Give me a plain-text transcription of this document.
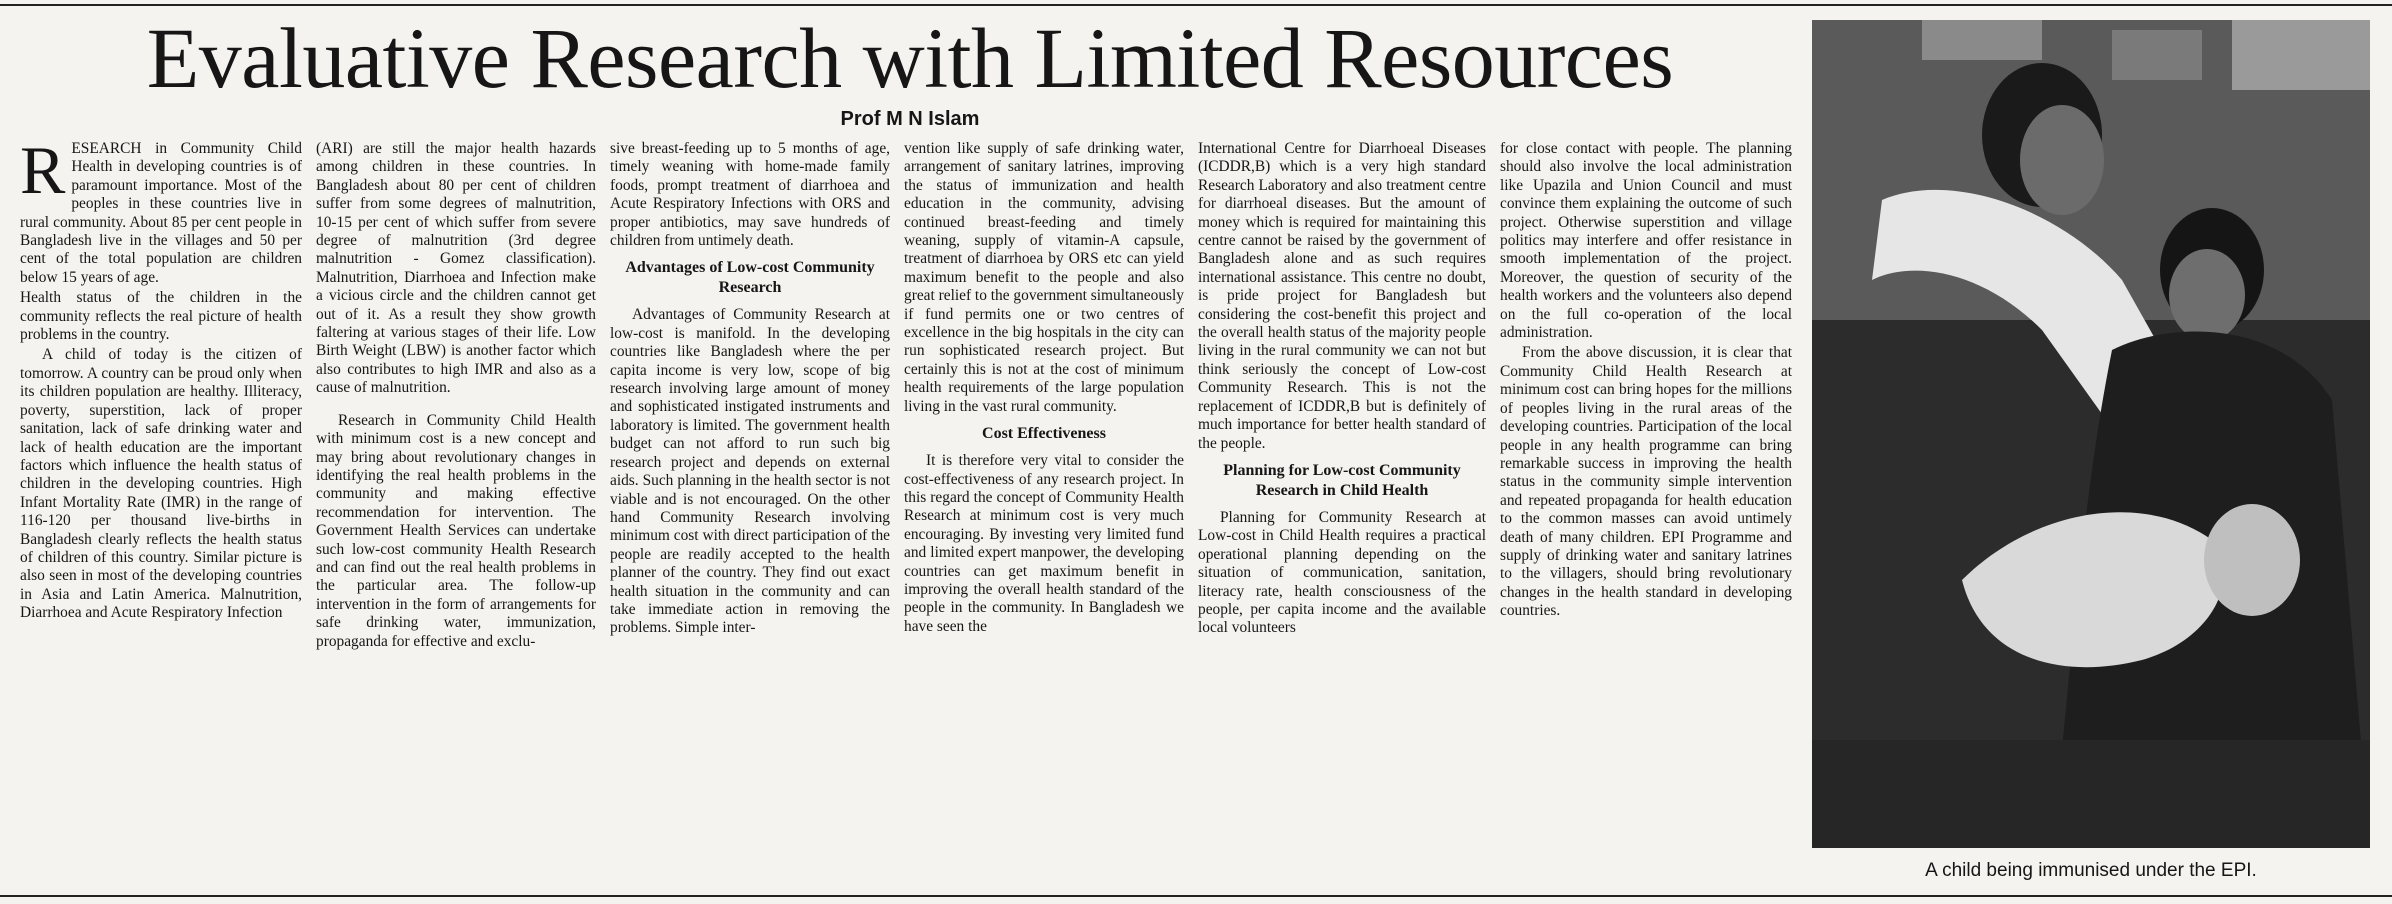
Evaluative Research with Limited Resources
Prof M N Islam

RESEARCH in Community Child Health in developing countries is of paramount importance. Most of the peoples in these countries live in rural community. About 85 per cent people in Bangladesh live in the villages and 50 per cent of the total population are children below 15 years of age.

Health status of the children in the community reflects the real picture of health problems in the country.

A child of today is the citizen of tomorrow. A country can be proud only when its children population are healthy. Illiteracy, poverty, superstition, lack of proper sanitation, lack of safe drinking water and lack of health education are the important factors which influence the health status of children in the developing countries. High Infant Mortality Rate (IMR) in the range of 116-120 per thousand live-births in Bangladesh clearly reflects the health status of children of this country. Similar picture is also seen in most of the developing countries in Asia and Latin America. Malnutrition, Diarrhoea and Acute Respiratory Infection

(ARI) are still the major health hazards among children in these countries. In Bangladesh about 80 per cent of children suffer from some degrees of malnutrition, 10-15 per cent of which suffer from severe degree of malnutrition (3rd degree malnutrition - Gomez classification). Malnutrition, Diarrhoea and Infection make a vicious circle and the children cannot get out of it. As a result they show growth faltering at various stages of their life. Low Birth Weight (LBW) is another factor which also contributes to high IMR and also as a cause of malnutrition.

Research in Community Child Health with minimum cost is a new concept and may bring about revolutionary changes in identifying the real health problems in the community and making effective recommendation for intervention. The Government Health Services can undertake such low-cost community Health Research and can find out the real health problems in the particular area. The follow-up intervention in the form of arrangements for safe drinking water, immunization, propaganda for effective and exclu-

sive breast-feeding up to 5 months of age, timely weaning with home-made family foods, prompt treatment of diarrhoea and Acute Respiratory Infections with ORS and proper antibiotics, may save hundreds of children from untimely death.

Advantages of Low-cost Community Research

Advantages of Community Research at low-cost is manifold. In the developing countries like Bangladesh where the per capita income is very low, scope of big research involving large amount of money and sophisticated instigated instruments and laboratory is limited. The government health budget can not afford to run such big research project and depends on external aids. Such planning in the health sector is not viable and is not encouraged. On the other hand Community Research involving minimum cost with direct participation of the people are readily accepted to the health planner of the country. They find out exact health situation in the community and can take immediate action in removing the problems. Simple inter-

vention like supply of safe drinking water, arrangement of sanitary latrines, improving the status of immunization and health education in the community, advising continued breast-feeding and timely weaning, supply of vitamin-A capsule, treatment of diarrhoea by ORS etc can yield maximum benefit to the people and also great relief to the government simultaneously if fund permits one or two centres of excellence in the big hospitals in the city can run sophisticated research project. But certainly this is not at the cost of minimum health requirements of the large population living in the vast rural community.

Cost Effectiveness

It is therefore very vital to consider the cost-effectiveness of any research project. In this regard the concept of Community Health Research at minimum cost is very much encouraging. By investing very limited fund and limited expert manpower, the developing countries can get maximum benefit in improving the overall health standard of the people in the community. In Bangladesh we have seen the

International Centre for Diarrhoeal Diseases (ICDDR,B) which is a very high standard Research Laboratory and also treatment centre for diarrhoeal diseases. But the amount of money which is required for maintaining this centre cannot be raised by the government of Bangladesh alone and as such requires international assistance. This centre no doubt, is pride project for Bangladesh but considering the cost-benefit this project and the overall health status of the majority people living in the rural community we can not but think seriously the concept of Low-cost Community Research. This is not the replacement of ICDDR,B but is definitely of much importance for better health standard of the people.

Planning for Low-cost Community Research in Child Health

Planning for Community Research at Low-cost in Child Health requires a practical operational planning depending on the situation of communication, sanitation, literacy rate, health consciousness of the people, per capita income and the available local volunteers

for close contact with people. The planning should also involve the local administration like Upazila and Union Council and must convince them explaining the outcome of such project. Otherwise superstition and village politics may interfere and offer resistance in smooth implementation of the project. Moreover, the question of security of the health workers and the volunteers also depend on the full co-operation of the local administration.

From the above discussion, it is clear that Community Child Health Research at minimum cost can bring hopes for the millions of peoples living in the rural areas of the developing countries. Participation of the local people in any health programme can bring remarkable success in improving the health status in the community simple intervention and repeated propaganda for health education to the common masses can avoid untimely death of many children. EPI Programme and supply of drinking water and sanitary latrines to the villagers, should bring revolutionary changes in the health standard in developing countries.

A child being immunised under the EPI.
